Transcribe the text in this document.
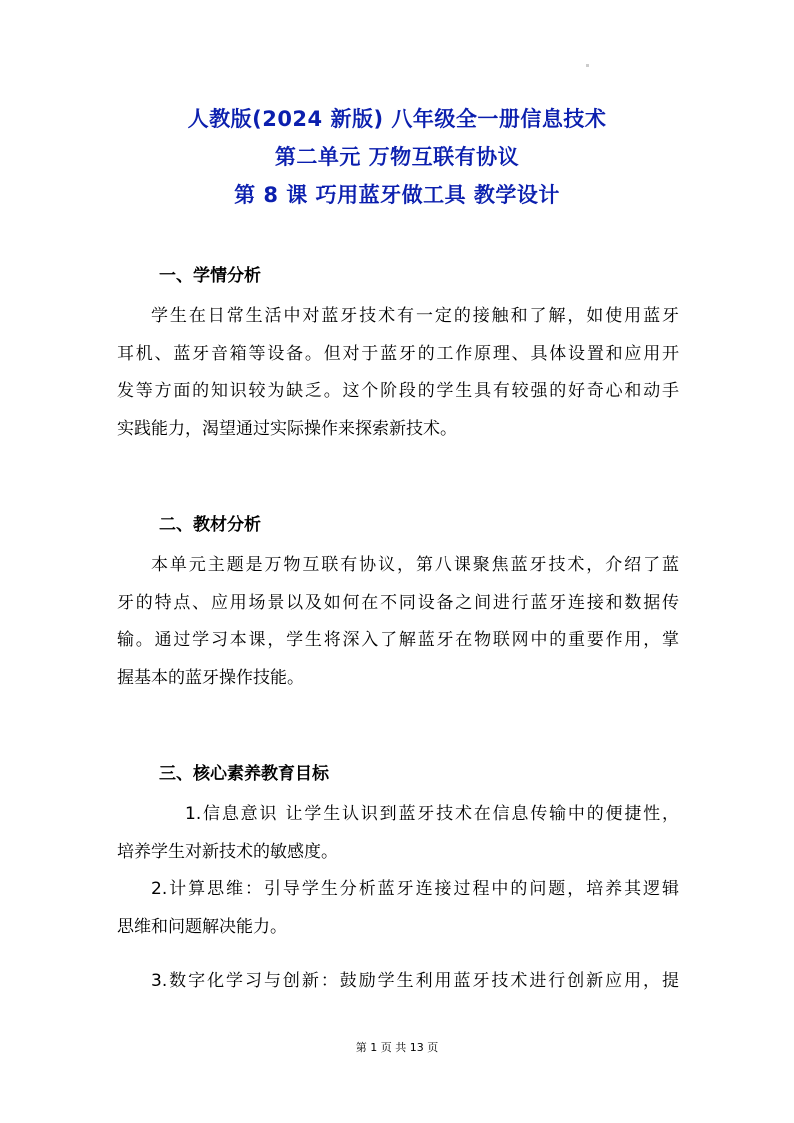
人教版(2024 新版) 八年级全一册信息技术
第二单元 万物互联有协议
第 8 课 巧用蓝牙做工具 教学设计
一、学情分析
学生在日常生活中对蓝牙技术有一定的接触和了解，如使用蓝牙
耳机、蓝牙音箱等设备。但对于蓝牙的工作原理、具体设置和应用开
发等方面的知识较为缺乏。这个阶段的学生具有较强的好奇心和动手
实践能力，渴望通过实际操作来探索新技术。
二、教材分析
本单元主题是万物互联有协议，第八课聚焦蓝牙技术，介绍了蓝
牙的特点、应用场景以及如何在不同设备之间进行蓝牙连接和数据传
输。通过学习本课，学生将深入了解蓝牙在物联网中的重要作用，掌
握基本的蓝牙操作技能。
三、核心素养教育目标
1.信息意识 让学生认识到蓝牙技术在信息传输中的便捷性，
培养学生对新技术的敏感度。
2.计算思维：引导学生分析蓝牙连接过程中的问题，培养其逻辑
思维和问题解决能力。
3.数字化学习与创新：鼓励学生利用蓝牙技术进行创新应用，提
第 1 页 共 13 页
